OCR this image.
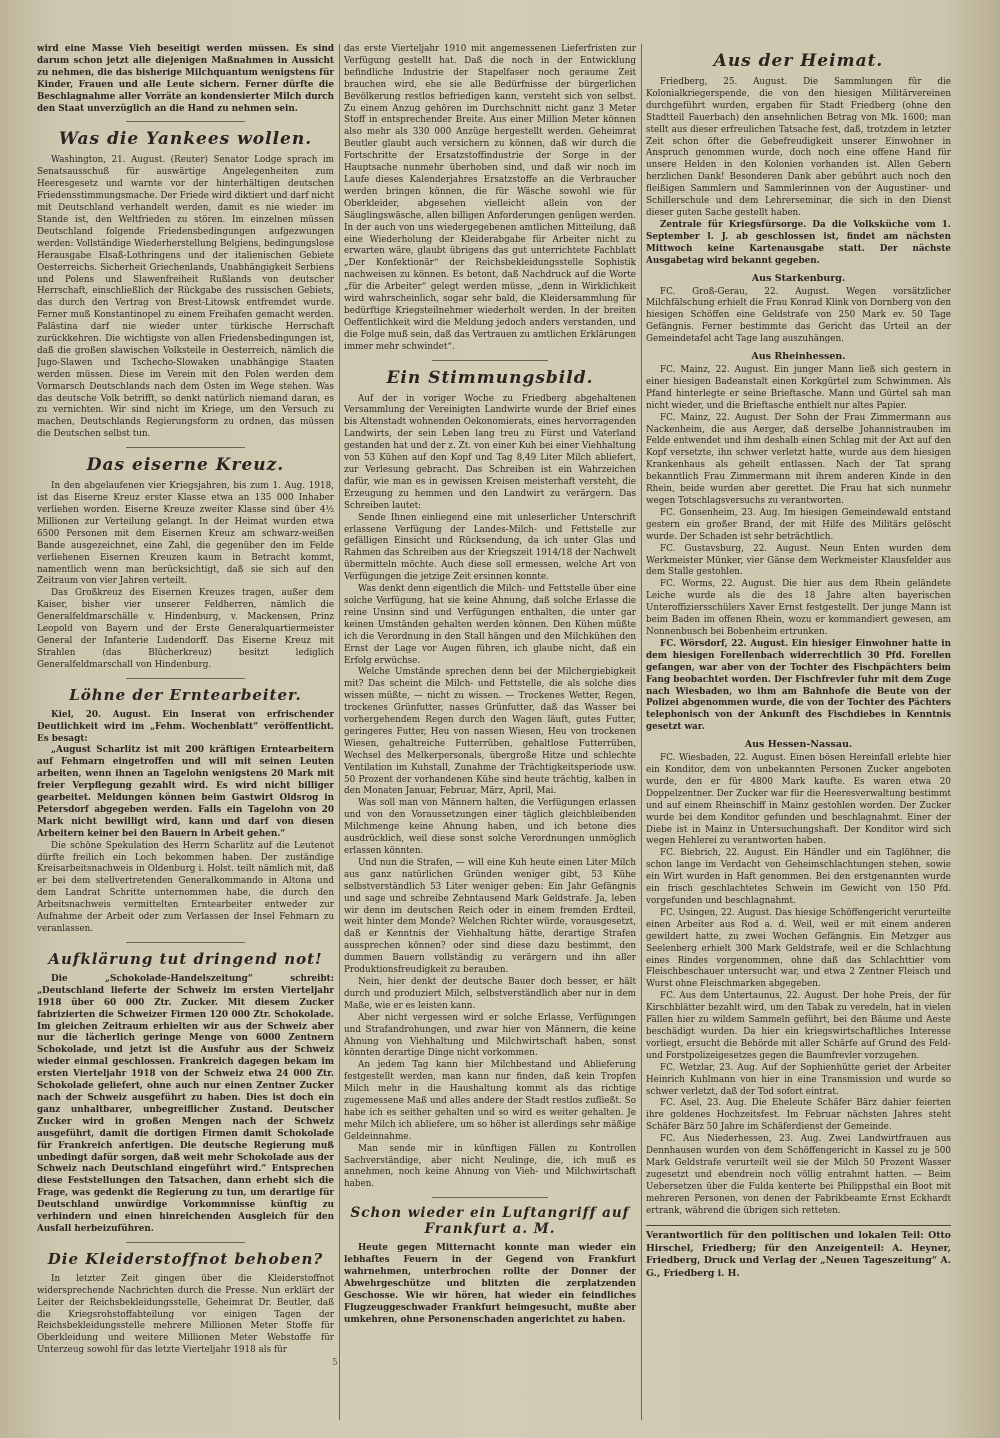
wird eine Masse Vieh beseitigt werden müssen. Es sind darum schon jetzt alle diejenigen Maßnahmen in Aussicht zu nehmen, die das bisherige Milchquantum wenigstens für Kinder, Frauen und alle Leute sichern. Ferner dürfte die Beschlagnahme aller Vorräte an kondensierter Milch durch den Staat unverzüglich an die Hand zu nehmen sein.

Was die Yankees wollen.

Washington, 21. August. (Reuter) Senator Lodge sprach im Senatsausschuß für auswärtige Angelegenheiten zum Heeresgesetz und warnte vor der hinterhältigen deutschen Friedensstimmungsmache. Der Friede wird diktiert und darf nicht mit Deutschland verhandelt werden, damit es nie wieder im Stande ist, den Weltfrieden zu stören. Im einzelnen müssen Deutschland folgende Friedensbedingungen aufgezwungen werden: Vollständige Wiederherstellung Belgiens, bedingungslose Herausgabe Elsaß-Lothringens und der italienischen Gebiete Oesterreichs. Sicherheit Griechenlands, Unabhängigkeit Serbiens und Polens und Slawenfreiheit Rußlands von deutscher Herrschaft, einschließlich der Rückgabe des russischen Gebiets, das durch den Vertrag von Brest-Litowsk entfremdet wurde. Ferner muß Konstantinopel zu einem Freihafen gemacht werden. Palästina darf nie wieder unter türkische Herrschaft zurückkehren. Die wichtigste von allen Friedensbedingungen ist, daß die großen slawischen Volksteile in Oesterreich, nämlich die Jugo-Slawen und Tschecho-Slowaken unabhängige Staaten werden müssen. Diese im Verein mit den Polen werden dem Vormarsch Deutschlands nach dem Osten im Wege stehen. Was das deutsche Volk betrifft, so denkt natürlich niemand daran, es zu vernichten. Wir sind nicht im Kriege, um den Versuch zu machen, Deutschlands Regierungsform zu ordnen, das müssen die Deutschen selbst tun.

Das eiserne Kreuz.

In den abgelaufenen vier Kriegsjahren, bis zum 1. Aug. 1918, ist das Eiserne Kreuz erster Klasse etwa an 135 000 Inhaber verliehen worden. Eiserne Kreuze zweiter Klasse sind über 4½ Millionen zur Verteilung gelangt. In der Heimat wurden etwa 6500 Personen mit dem Eisernen Kreuz am schwarz-weißen Bande ausgezeichnet, eine Zahl, die gegenüber den im Felde verliehenen Eisernen Kreuzen kaum in Betracht kommt, namentlich wenn man berücksichtigt, daß sie sich auf den Zeitraum von vier Jahren verteilt.

Das Großkreuz des Eisernen Kreuzes tragen, außer dem Kaiser, bisher vier unserer Feldherren, nämlich die Generalfeldmarschälle v. Hindenburg, v. Mackensen, Prinz Leopold von Bayern und der Erste Generalquartiermeister General der Infanterie Ludendorff. Das Eiserne Kreuz mit Strahlen (das Blücherkreuz) besitzt lediglich Generalfeldmarschall von Hindenburg.

Löhne der Erntearbeiter.

Kiel, 20. August. Ein Inserat von erfrischender Deutlichkeit wird im „Fehm. Wochenblatt“ veröffentlicht. Es besagt:

„August Scharlitz ist mit 200 kräftigen Erntearbeitern auf Fehmarn eingetroffen und will mit seinen Leuten arbeiten, wenn ihnen an Tagelohn wenigstens 20 Mark mit freier Verpflegung gezahlt wird. Es wird nicht billiger gearbeitet. Meldungen können beim Gastwirt Oldsrog in Petersdorf abgegeben werden. Falls ein Tagelohn von 20 Mark nicht bewilligt wird, kann und darf von diesen Arbeitern keiner bei den Bauern in Arbeit gehen.“

Die schöne Spekulation des Herrn Scharlitz auf die Leutenot dürfte freilich ein Loch bekommen haben. Der zuständige Kreisarbeitsnachweis in Oldenburg i. Holst. teilt nämlich mit, daß er bei dem stellvertretenden Generalkommando in Altona und dem Landrat Schritte unternommen habe, die durch den Arbeitsnachweis vermittelten Erntearbeiter entweder zur Aufnahme der Arbeit oder zum Verlassen der Insel Fehmarn zu veranlassen.

Aufklärung tut dringend not!

Die „Schokolade-Handelszeitung“ schreibt: „Deutschland lieferte der Schweiz im ersten Vierteljahr 1918 über 60 000 Ztr. Zucker. Mit diesem Zucker fabrizierten die Schweizer Firmen 120 000 Ztr. Schokolade. Im gleichen Zeitraum erhielten wir aus der Schweiz aber nur die lächerlich geringe Menge von 6000 Zentnern Schokolade, und jetzt ist die Ausfuhr aus der Schweiz wieder einmal geschlossen. Frankreich dagegen bekam im ersten Vierteljahr 1918 von der Schweiz etwa 24 000 Ztr. Schokolade geliefert, ohne auch nur einen Zentner Zucker nach der Schweiz ausgeführt zu haben. Dies ist doch ein ganz unhaltbarer, unbegreiflicher Zustand. Deutscher Zucker wird in großen Mengen nach der Schweiz ausgeführt, damit die dortigen Firmen damit Schokolade für Frankreich anfertigen. Die deutsche Regierung muß unbedingt dafür sorgen, daß weit mehr Schokolade aus der Schweiz nach Deutschland eingeführt wird.“ Entsprechen diese Feststellungen den Tatsachen, dann erhebt sich die Frage, was gedenkt die Regierung zu tun, um derartige für Deutschland unwürdige Vorkommnisse künftig zu verhindern und einen hinreichenden Ausgleich für den Ausfall herbeizuführen.

Die Kleiderstoffnot behoben?

In letzter Zeit gingen über die Kleiderstoffnot widersprechende Nachrichten durch die Presse. Nun erklärt der Leiter der Reichsbekleidungsstelle, Geheimrat Dr. Beutler, daß die Kriegsrohstoffabteilung vor einigen Tagen der Reichsbekleidungsstelle mehrere Millionen Meter Stoffe für Oberkleidung und weitere Millionen Meter Webstoffe für Unterzeug sowohl für das letzte Vierteljahr 1918 als für

das erste Vierteljahr 1910 mit angemessenen Lieferfristen zur Verfügung gestellt hat. Daß die noch in der Entwicklung befindliche Industrie der Stapelfaser noch geraume Zeit brauchen wird, ehe sie alle Bedürfnisse der bürgerlichen Bevölkerung restlos befriedigen kann, versteht sich von selbst. Zu einem Anzug gehören im Durchschnitt nicht ganz 3 Meter Stoff in entsprechender Breite. Aus einer Million Meter können also mehr als 330 000 Anzüge hergestellt werden. Geheimrat Beutler glaubt auch versichern zu können, daß wir durch die Fortschritte der Ersatzstoffindustrie der Sorge in der Hauptsache nunmehr überhoben sind, und daß wir noch im Laufe dieses Kalenderjahres Ersatzstoffe an die Verbraucher werden bringen können, die für Wäsche sowohl wie für Oberkleider, abgesehen vielleicht allein von der Säuglingswäsche, allen billigen Anforderungen genügen werden. In der auch von uns wiedergegebenen amtlichen Mitteilung, daß eine Wiederholung der Kleiderabgabe für Arbeiter nicht zu erwarten wäre, glaubt übrigens das gut unterrichtete Fachblatt „Der Konfektionär“ der Reichsbekleidungsstelle Sophistik nachweisen zu können. Es betont, daß Nachdruck auf die Worte „für die Arbeiter“ gelegt werden müsse, „denn in Wirklichkeit wird wahrscheinlich, sogar sehr bald, die Kleidersammlung für bedürftige Kriegsteilnehmer wiederholt werden. In der breiten Oeffentlichkeit wird die Meldung jedoch anders verstanden, und die Folge muß sein, daß das Vertrauen zu amtlichen Erklärungen immer mehr schwindet“.

Ein Stimmungsbild.

Auf der in voriger Woche zu Friedberg abgehaltenen Versammlung der Vereinigten Landwirte wurde der Brief eines bis Altenstadt wohnenden Oekonomierats, eines hervorragenden Landwirts, der sein Leben lang treu zu Fürst und Vaterland gestanden hat und der z. Zt. von einer Kuh bei einer Viehhaltung von 53 Kühen auf den Kopf und Tag 8,49 Liter Milch abliefert, zur Verlesung gebracht. Das Schreiben ist ein Wahrzeichen dafür, wie man es in gewissen Kreisen meisterhaft versteht, die Erzeugung zu hemmen und den Landwirt zu verärgern. Das Schreiben lautet:

Sende Ihnen einliegend eine mit unleserlicher Unterschrift erlassene Verfügung der Landes-Milch- und Fettstelle zur gefälligen Einsicht und Rücksendung, da ich unter Glas und Rahmen das Schreiben aus der Kriegszeit 1914/18 der Nachwelt übermitteln möchte. Auch diese soll ermessen, welche Art von Verfügungen die jetzige Zeit ersinnen konnte.

Was denkt denn eigentlich die Milch- und Fettstelle über eine solche Verfügung, hat sie keine Ahnung, daß solche Erlasse die reine Unsinn sind und Verfügungen enthalten, die unter gar keinen Umständen gehalten werden können. Den Kühen müßte ich die Verordnung in den Stall hängen und den Milchkühen den Ernst der Lage vor Augen führen, ich glaube nicht, daß ein Erfolg erwüchse.

Welche Umstände sprechen denn bei der Milchergiebigkeit mit? Das scheint die Milch- und Fettstelle, die als solche dies wissen müßte, — nicht zu wissen. — Trockenes Wetter, Regen, trockenes Grünfutter, nasses Grünfutter, daß das Wasser bei vorhergehendem Regen durch den Wagen läuft, gutes Futter, geringeres Futter, Heu von nassen Wiesen, Heu von trockenen Wiesen, gehaltreiche Futterrüben, gehaltlose Futterrüben, Wechsel des Melkerpersonals, übergroße Hitze und schlechte Ventilation im Kuhstall, Zunahme der Trächtigkeitsperiode usw. 50 Prozent der vorhandenen Kühe sind heute trächtig, kalben in den Monaten Januar, Februar, März, April, Mai.

Was soll man von Männern halten, die Verfügungen erlassen und von den Voraussetzungen einer täglich gleichbleibenden Milchmenge keine Ahnung haben, und ich betone dies ausdrücklich, weil diese sonst solche Verordnungen unmöglich erlassen könnten.

Und nun die Strafen, — will eine Kuh heute einen Liter Milch aus ganz natürlichen Gründen weniger gibt, 53 Kühe selbstverständlich 53 Liter weniger geben: Ein Jahr Gefängnis und sage und schreibe Zehntausend Mark Geldstrafe. Ja, leben wir denn im deutschen Reich oder in einem fremden Erdteil, weit hinter dem Monde? Welchen Richter würde, vorausgesetzt, daß er Kenntnis der Viehhaltung hätte, derartige Strafen aussprechen können? oder sind diese dazu bestimmt, den dummen Bauern vollständig zu verärgern und ihn aller Produktionsfreudigkeit zu berauben.

Nein, hier denkt der deutsche Bauer doch besser, er hält durch und produziert Milch, selbstverständlich aber nur in dem Maße, wie er es leisten kann.

Aber nicht vergessen wird er solche Erlasse, Verfügungen und Strafandrohungen, und zwar hier von Männern, die keine Ahnung von Viehhaltung und Milchwirtschaft haben, sonst könnten derartige Dinge nicht vorkommen.

An jedem Tag kann hier Milchbestand und Ablieferung festgestellt werden, man kann nur finden, daß kein Tropfen Milch mehr in die Haushaltung kommt als das richtige zugemessene Maß und alles andere der Stadt restlos zufließt. So habe ich es seither gehalten und so wird es weiter gehalten. Je mehr Milch ich abliefere, um so höher ist allerdings sehr mäßige Geldeinnahme.

Man sende mir in künftigen Fällen zu Kontrollen Sachverständige, aber nicht Neulinge, die, ich muß es annehmen, noch keine Ahnung von Vieh- und Milchwirtschaft haben.

Schon wieder ein Luftangriff auf Frankfurt a. M.

Heute gegen Mitternacht konnte man wieder ein lebhaftes Feuern in der Gegend von Frankfurt wahrnehmen, unterbrochen rollte der Donner der Abwehrgeschütze und blitzten die zerplatzenden Geschosse. Wie wir hören, hat wieder ein feindliches Flugzeuggeschwader Frankfurt heimgesucht, mußte aber umkehren, ohne Personenschaden angerichtet zu haben.

Aus der Heimat.

Friedberg, 25. August. Die Sammlungen für die Kolonialkriegerspende, die von den hiesigen Militärvereinen durchgeführt wurden, ergaben für Stadt Friedberg (ohne den Stadtteil Fauerbach) den ansehnlichen Betrag von Mk. 1600; man stellt aus dieser erfreulichen Tatsache fest, daß, trotzdem in letzter Zeit schon öfter die Gebefreudigkeit unserer Einwohner in Anspruch genommen wurde, doch noch eine offene Hand für unsere Helden in den Kolonien vorhanden ist. Allen Gebern herzlichen Dank! Besonderen Dank aber gebührt auch noch den fleißigen Sammlern und Sammlerinnen von der Augustiner- und Schillerschule und dem Lehrerseminar, die sich in den Dienst dieser guten Sache gestellt haben.

Zentrale für Kriegsfürsorge. Da die Volksküche vom 1. September l. J. ab geschlossen ist, findet am nächsten Mittwoch keine Kartenausgabe statt. Der nächste Ausgabetag wird bekannt gegeben.

Aus Starkenburg.

FC. Groß-Gerau, 22. August. Wegen vorsätzlicher Milchfälschung erhielt die Frau Konrad Klink von Dornberg von den hiesigen Schöffen eine Geldstrafe von 250 Mark ev. 50 Tage Gefängnis. Ferner bestimmte das Gericht das Urteil an der Gemeindetafel acht Tage lang auszuhängen.

Aus Rheinhessen.

FC. Mainz, 22. August. Ein junger Mann ließ sich gestern in einer hiesigen Badeanstalt einen Korkgürtel zum Schwimmen. Als Pfand hinterlegte er seine Brieftasche. Mann und Gürtel sah man nicht wieder, und die Brieftasche enthielt nur altes Papier.

FC. Mainz, 22. August. Der Sohn der Frau Zimmermann aus Nackenheim, die aus Aerger, daß derselbe Johannistrauben im Felde entwendet und ihm deshalb einen Schlag mit der Axt auf den Kopf versetzte, ihn schwer verletzt hatte, wurde aus dem hiesigen Krankenhaus als geheilt entlassen. Nach der Tat sprang bekanntlich Frau Zimmermann mit ihrem anderen Kinde in den Rhein, beide wurden aber gerettet. Die Frau hat sich nunmehr wegen Totschlagsversuchs zu verantworten.

FC. Gonsenheim, 23. Aug. Im hiesigen Gemeindewald entstand gestern ein großer Brand, der mit Hilfe des Militärs gelöscht wurde. Der Schaden ist sehr beträchtlich.

FC. Gustavsburg, 22. August. Neun Enten wurden dem Werkmeister Münker, vier Gänse dem Werkmeister Klausfelder aus dem Stalle gestohlen.

FC. Worms, 22. August. Die hier aus dem Rhein geländete Leiche wurde als die des 18 Jahre alten bayerischen Unteroffiziersschülers Xaver Ernst festgestellt. Der junge Mann ist beim Baden im offenen Rhein, wozu er kommandiert gewesen, am Nonnenbusch bei Bobenheim ertrunken.

FC. Wörsdorf, 22. August. Ein hiesiger Einwohner hatte in dem hiesigen Forellenbach widerrechtlich 30 Pfd. Forellen gefangen, war aber von der Tochter des Fischpächters beim Fang beobachtet worden. Der Fischfrevler fuhr mit dem Zuge nach Wiesbaden, wo ihm am Bahnhofe die Beute von der Polizei abgenommen wurde, die von der Tochter des Pächters telephonisch von der Ankunft des Fischdiebes in Kenntnis gesetzt war.

Aus Hessen-Nassau.

FC. Wiesbaden, 22. August. Einen bösen Hereinfall erlebte hier ein Konditor, dem von unbekannten Personen Zucker angeboten wurde, den er für 4800 Mark kaufte. Es waren etwa 20 Doppelzentner. Der Zucker war für die Heeresverwaltung bestimmt und auf einem Rheinschiff in Mainz gestohlen worden. Der Zucker wurde bei dem Konditor gefunden und beschlagnahmt. Einer der Diebe ist in Mainz in Untersuchungshaft. Der Konditor wird sich wegen Hehlerei zu verantworten haben.

FC. Biebrich, 22. August. Ein Händler und ein Taglöhner, die schon lange im Verdacht von Geheimschlachtungen stehen, sowie ein Wirt wurden in Haft genommen. Bei den erstgenannten wurde ein frisch geschlachtetes Schwein im Gewicht von 150 Pfd. vorgefunden und beschlagnahmt.

FC. Usingen, 22. August. Das hiesige Schöffengericht verurteilte einen Arbeiter aus Rod a. d. Weil, weil er mit einem anderen gewildert hatte, zu zwei Wochen Gefängnis. Ein Metzger aus Seelenberg erhielt 300 Mark Geldstrafe, weil er die Schlachtung eines Rindes vorgenommen, ohne daß das Schlachttier vom Fleischbeschauer untersucht war, und etwa 2 Zentner Fleisch und Wurst ohne Fleischmarken abgegeben.

FC. Aus dem Untertaunus, 22. August. Der hohe Preis, der für Kirschblätter bezahlt wird, um den Tabak zu veredeln, hat in vielen Fällen hier zu wildem Sammeln geführt, bei den Bäume und Aeste beschädigt wurden. Da hier ein kriegswirtschaftliches Interesse vorliegt, ersucht die Behörde mit aller Schärfe auf Grund des Feld- und Forstpolizeigesetzes gegen die Baumfrevler vorzugehen.

FC. Wetzlar, 23. Aug. Auf der Sophienhütte geriet der Arbeiter Heinrich Kuhlmann von hier in eine Transmission und wurde so schwer verletzt, daß der Tod sofort eintrat.

FC. Asel, 23. Aug. Die Eheleute Schäfer Bärz dahier feierten ihre goldenes Hochzeitsfest. Im Februar nächsten Jahres steht Schäfer Bärz 50 Jahre im Schäferdienst der Gemeinde.

FC. Aus Niederhessen, 23. Aug. Zwei Landwirtfrauen aus Dennhausen wurden von dem Schöffengericht in Kassel zu je 500 Mark Geldstrafe verurteilt weil sie der Milch 50 Prozent Wasser zugesetzt und ebendrein noch völlig entrahmt hatten. — Beim Uebersetzen über die Fulda kenterte bei Philippsthal ein Boot mit mehreren Personen, von denen der Fabrikbeamte Ernst Eckhardt ertrank, während die übrigen sich retteten.

Verantwortlich für den politischen und lokalen Teil: Otto Hirschel, Friedberg; für den Anzeigenteil: A. Heyner, Friedberg, Druck und Verlag der „Neuen Tageszeitung“ A. G., Friedberg i. H.

5
